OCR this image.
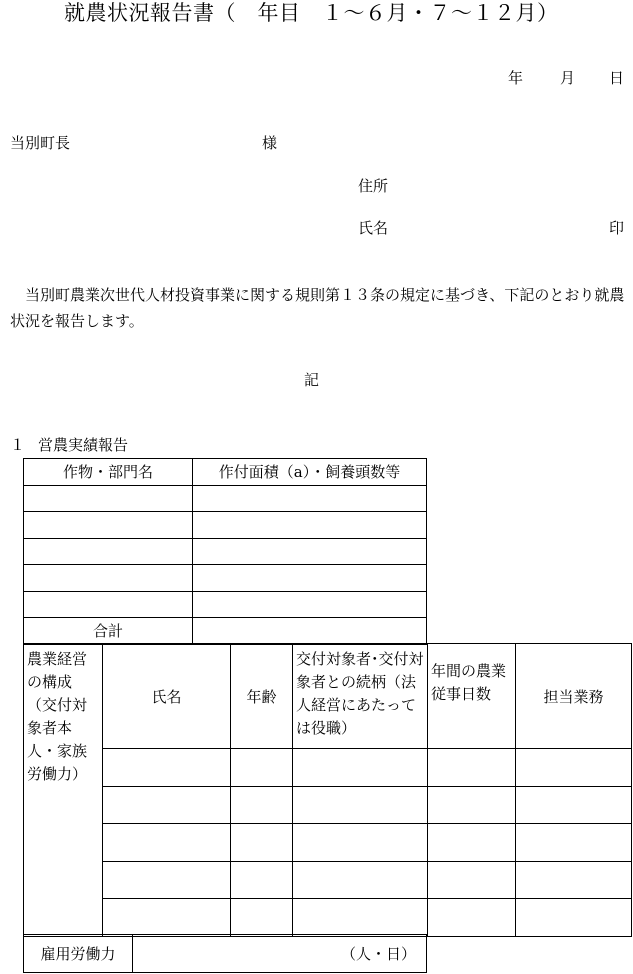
就農状況報告書（　年目　１～６月・７～１２月）
年 月 日
当別町長	様
住所
氏名	印
　当別町農業次世代人材投資事業に関する規則第１３条の規定に基づき、下記のとおり就農状況を報告します。
記
１ 営農実績報告
作物・部門名	作付面積（a）・飼養頭数等

合計	
農業経営の構成（交付対象者本人・家族労働力）	氏名	年齢	交付対象者･交付対象者との続柄（法人経営にあたっては役職）	年間の農業従事日数	担当業務

雇用労働力	（人・日）
